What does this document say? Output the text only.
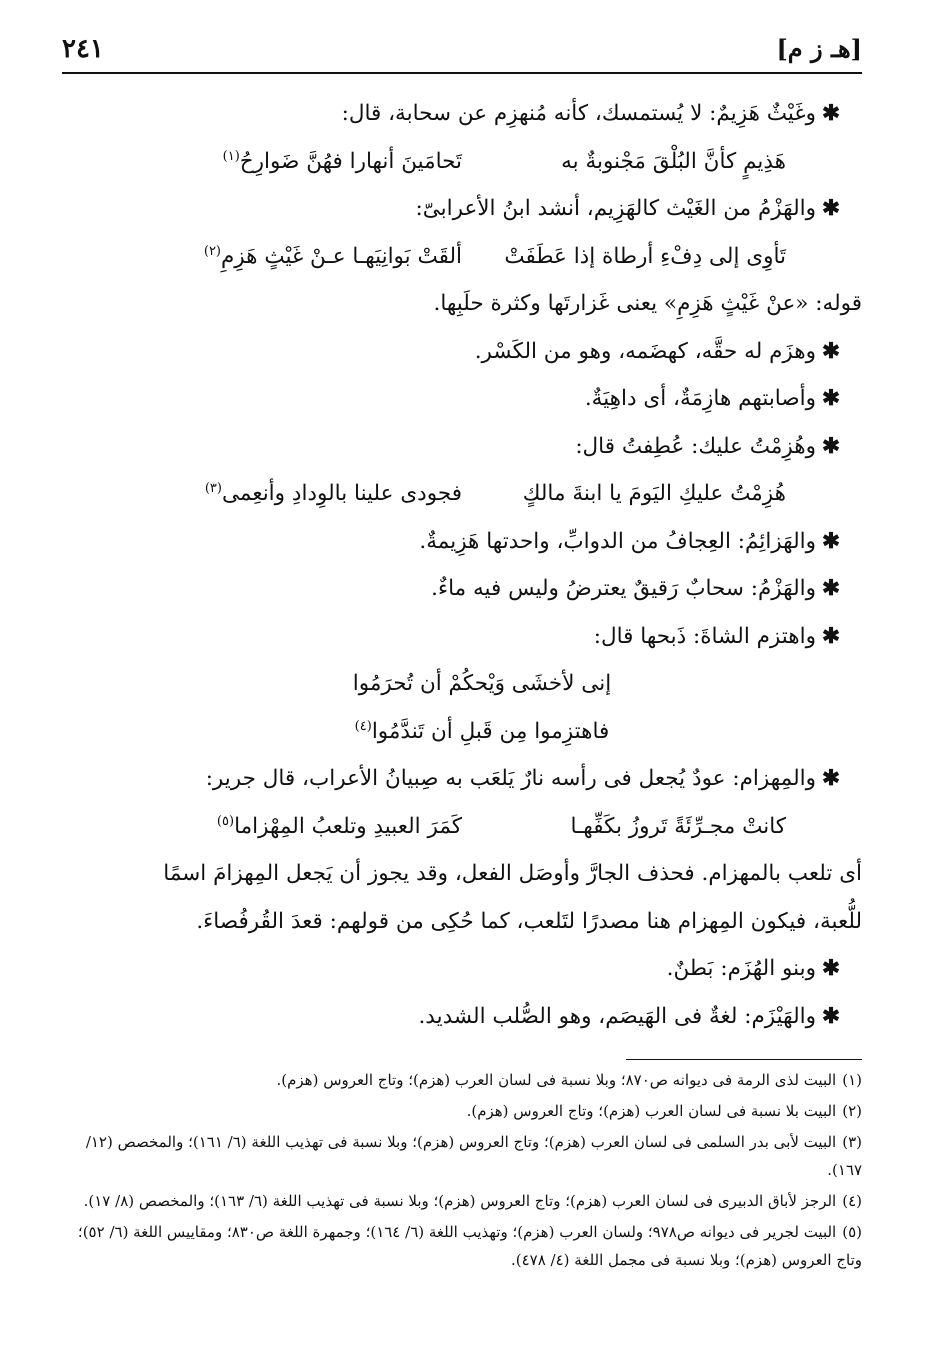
[هـ ز م]
٢٤١
✱وغَيْثٌ هَزِيمٌ: لا يُستمسك، كأنه مُنهزِم عن سحابة، قال:
هَذِيمٍ كأنَّ البُلْقَ مَجْنوبةٌ به
تَحامَينَ أنهارا فهُنَّ ضَوارِحُ$^{(١)}$
✱والهَزْمُ من الغَيْث كالهَزِيم، أنشد ابنُ الأعرابىّ:
تَأوِى إلى دِفْءِ أرطاة إذا عَطَفَتْ
ألقَتْ بَوانِيَهـا عـنْ غَيْثٍ هَزِمِ$^{(٢)}$
قوله: «عنْ غَيْثٍ هَزِمِ» يعنى غَزارتَها وكثرة حلَبِها.
✱وهزَم له حقَّه، كهضَمه، وهو من الكَسْر.
✱وأصابتهم هازِمَةٌ، أى داهِيَةٌ.
✱وهُزِمْتُ عليك: عُطِفتُ قال:
هُزِمْتُ عليكِ اليَومَ يا ابنةَ مالكٍ
فجودى علينا بالوِدادِ وأنعِمى$^{(٣)}$
✱والهَزائِمُ: العِجافُ من الدوابِّ، واحدتها هَزِيمةٌ.
✱والهَزْمُ: سحابٌ رَقيقٌ يعترضُ وليس فيه ماءٌ.
✱واهتزم الشاةَ: ذَبحها قال:
إنى لأخشَى وَيْحكُمْ أن تُحرَمُوا
فاهتزِموا مِن قَبلِ أن تَندَّمُوا$^{(٤)}$
✱والمِهزام: عودٌ يُجعل فى رأسه نارٌ يَلعَب به صِبيانُ الأعراب، قال جرير:
كانتْ مجـرِّئَةً تَروزُ بكَفِّهـا
كَمَرَ العبيدِ وتلعبُ المِهْزاما$^{(٥)}$
أى تلعب بالمهزام. فحذف الجارَّ وأوصَل الفعل، وقد يجوز أن يَجعل المِهزامَ اسمًا
للُّعبة، فيكون المِهزام هنا مصدرًا لتَلعب، كما حُكِى من قولهم: قعدَ القُرفُصاءَ.
✱وبنو الهُزَم: بَطنٌ.
✱والهَيْزَم: لغةٌ فى الهَيصَم، وهو الصُّلب الشديد.
(١)البيت لذى الرمة فى ديوانه ص٨٧٠؛ وبلا نسبة فى لسان العرب (هزم)؛ وتاج العروس (هزم).
(٢)البيت بلا نسبة فى لسان العرب (هزم)؛ وتاج العروس (هزم).
(٣)البيت لأبى بدر السلمى فى لسان العرب (هزم)؛ وتاج العروس (هزم)؛ وبلا نسبة فى تهذيب اللغة (٦/ ١٦١)؛ والمخصص (١٢/ ١٦٧).
(٤)الرجز لأباق الدبيرى فى لسان العرب (هزم)؛ وتاج العروس (هزم)؛ وبلا نسبة فى تهذيب اللغة (٦/ ١٦٣)؛ والمخصص (٨/ ١٧).
(٥)البيت لجرير فى ديوانه ص٩٧٨؛ ولسان العرب (هزم)؛ وتهذيب اللغة (٦/ ١٦٤)؛ وجمهرة اللغة ص٨٣٠؛ ومقاييس اللغة (٦/ ٥٢)؛ وتاج العروس (هزم)؛ وبلا نسبة فى مجمل اللغة (٤/ ٤٧٨).
